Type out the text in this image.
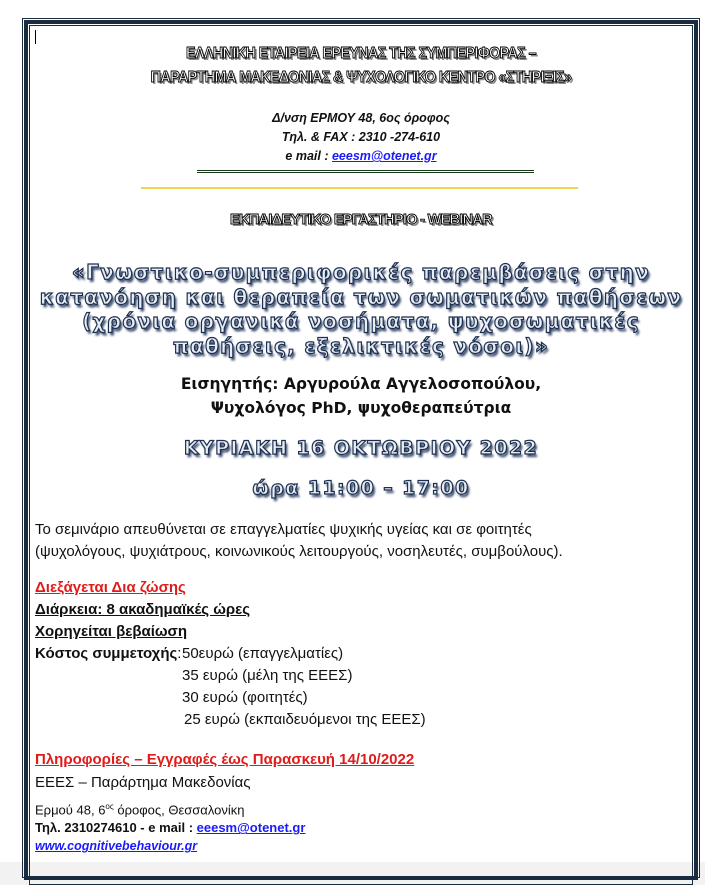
ΕΛΛΗΝΙΚΗ ΕΤΑΙΡΕΙΑ ΕΡΕΥΝΑΣ ΤΗΣ ΣΥΜΠΕΡΙΦΟΡΑΣ –
ΠΑΡΑΡΤΗΜΑ ΜΑΚΕΔΟΝΙΑΣ & ΨΥΧΟΛΟΓΙΚΟ ΚΕΝΤΡΟ «ΣΤΗΡΙΞΙΣ»
Δ/νση ΕΡΜΟΥ 48, 6ος όροφος
Τηλ. & FAX : 2310 -274-610
e mail : eeesm@otenet.gr
ΕΚΠΑΙΔΕΥΤΙΚΟ ΕΡΓΑΣΤΗΡΙΟ - WEBINAR
«Γνωστικο-συμπεριφορικές παρεμβάσεις στην
κατανόηση και θεραπεία των σωματικών παθήσεων
(χρόνια οργανικά νοσήματα, ψυχοσωματικές
παθήσεις, εξελικτικές νόσοι)»
Εισηγητής: Αργυρούλα Αγγελοσοπούλου,
Ψυχολόγος PhD, ψυχοθεραπεύτρια
ΚΥΡΙΑΚΗ 16 ΟΚΤΩΒΡΙΟΥ 2022
ώρα 11:00 – 17:00
Το σεμινάριο απευθύνεται σε επαγγελματίες ψυχικής υγείας και σε φοιτητές
(ψυχολόγους, ψυχιάτρους, κοινωνικούς λειτουργούς, νοσηλευτές, συμβούλους).
Διεξάγεται Δια ζώσης
Διάρκεια: 8 ακαδημαϊκές ώρες
Χορηγείται βεβαίωση
Κόστος συμμετοχής:50ευρώ (επαγγελματίες)
35 ευρώ (μέλη της ΕΕΕΣ)
30 ευρώ (φοιτητές)
25 ευρώ (εκπαιδευόμενοι της ΕΕΕΣ)
Πληροφορίες – Εγγραφές έως Παρασκευή 14/10/2022
ΕΕΕΣ – Παράρτημα Μακεδονίας
Ερμού 48, $6^{o\varsigma}$ όροφος, Θεσσαλονίκη
Τηλ. 2310274610 - e mail : eeesm@otenet.gr
www.cognitivebehaviour.gr
